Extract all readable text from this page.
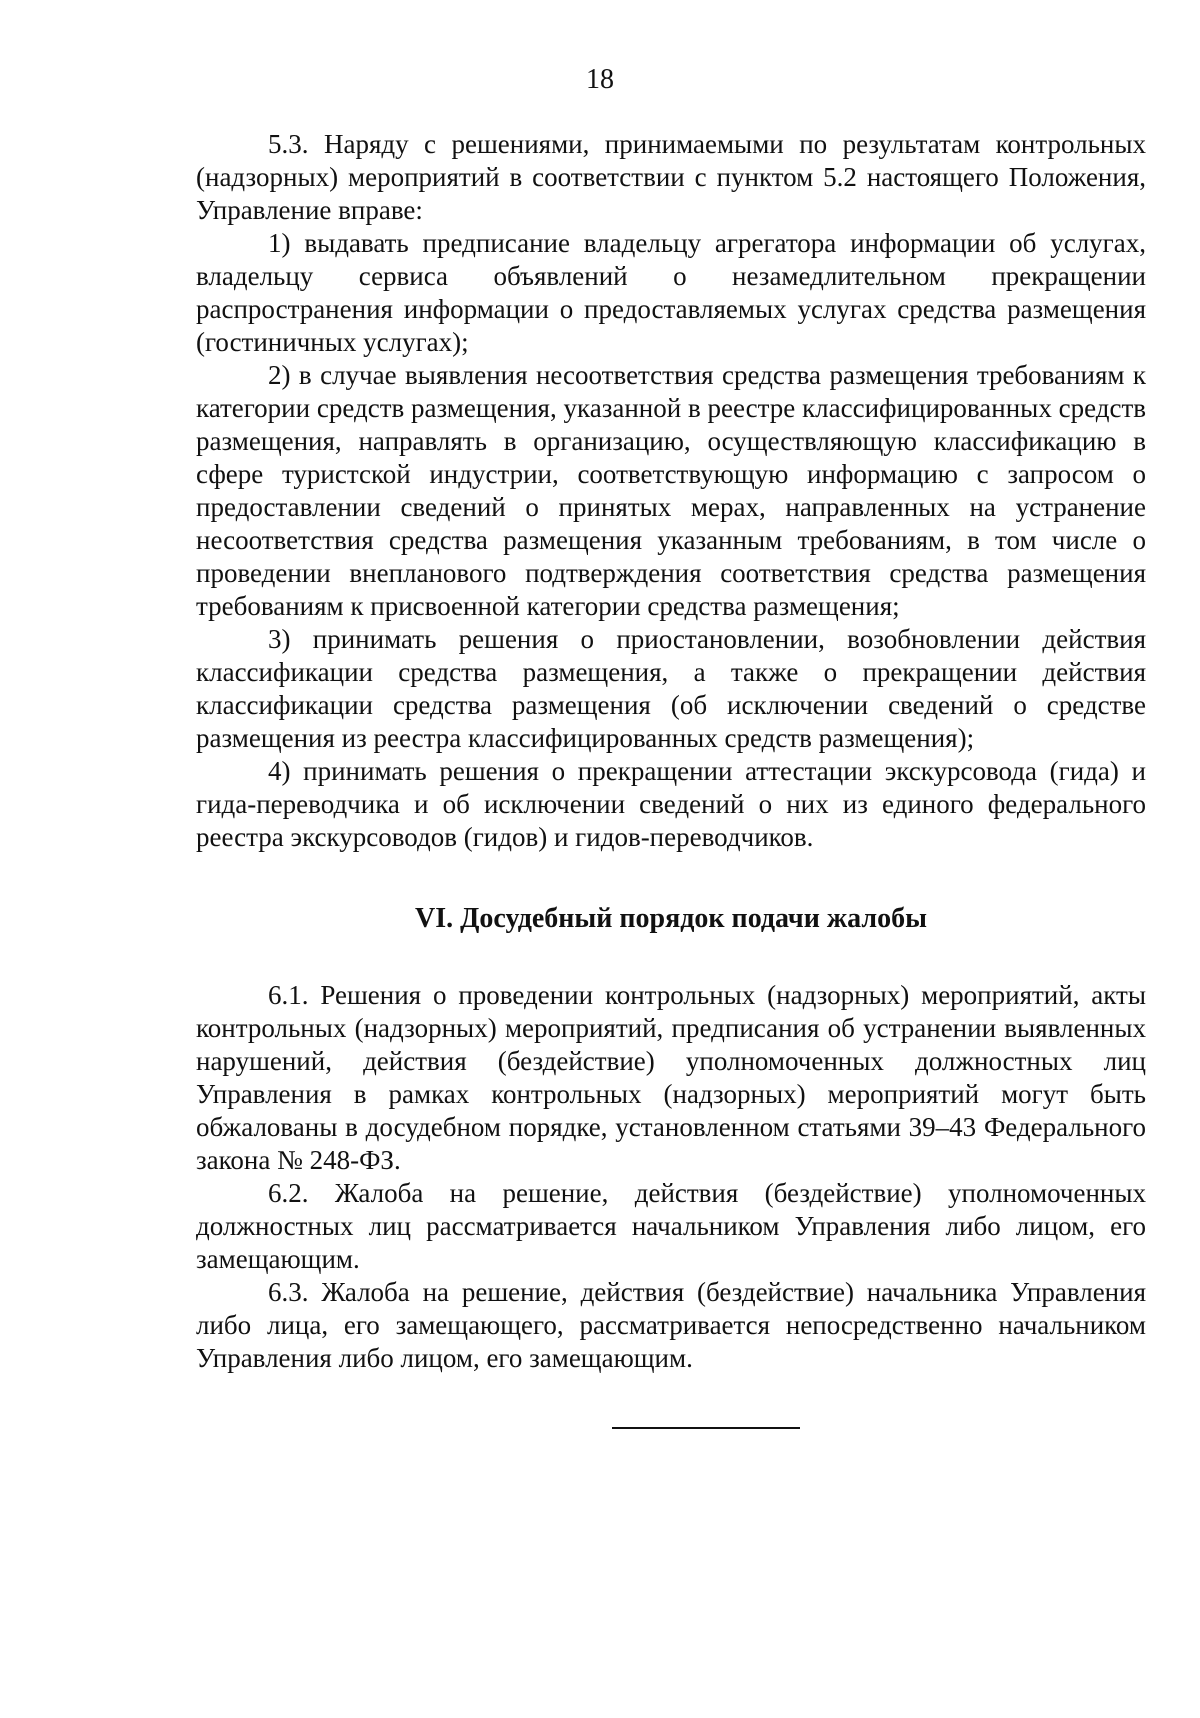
18

5.3. Наряду с решениями, принимаемыми по результатам контрольных (надзорных) мероприятий в соответствии с пунктом 5.2 настоящего Положения, Управление вправе:

1) выдавать предписание владельцу агрегатора информации об услугах, владельцу сервиса объявлений о незамедлительном прекращении распространения информации о предоставляемых услугах средства размещения (гостиничных услугах);

2) в случае выявления несоответствия средства размещения требованиям к категории средств размещения, указанной в реестре классифицированных средств размещения, направлять в организацию, осуществляющую классификацию в сфере туристской индустрии, соответствующую информацию с запросом о предоставлении сведений о принятых мерах, направленных на устранение несоответствия средства размещения указанным требованиям, в том числе о проведении внепланового подтверждения соответствия средства размещения требованиям к присвоенной категории средства размещения;

3) принимать решения о приостановлении, возобновлении действия классификации средства размещения, а также о прекращении действия классификации средства размещения (об исключении сведений о средстве размещения из реестра классифицированных средств размещения);

4) принимать решения о прекращении аттестации экскурсовода (гида) и гида-переводчика и об исключении сведений о них из единого федерального реестра экскурсоводов (гидов) и гидов-переводчиков.

VI. Досудебный порядок подачи жалобы

6.1. Решения о проведении контрольных (надзорных) мероприятий, акты контрольных (надзорных) мероприятий, предписания об устранении выявленных нарушений, действия (бездействие) уполномоченных должностных лиц Управления в рамках контрольных (надзорных) мероприятий могут быть обжалованы в досудебном порядке, установленном статьями 39–43 Федерального закона № 248-ФЗ.

6.2. Жалоба на решение, действия (бездействие) уполномоченных должностных лиц рассматривается начальником Управления либо лицом, его замещающим.

6.3. Жалоба на решение, действия (бездействие) начальника Управления либо лица, его замещающего, рассматривается непосредственно начальником Управления либо лицом, его замещающим.
